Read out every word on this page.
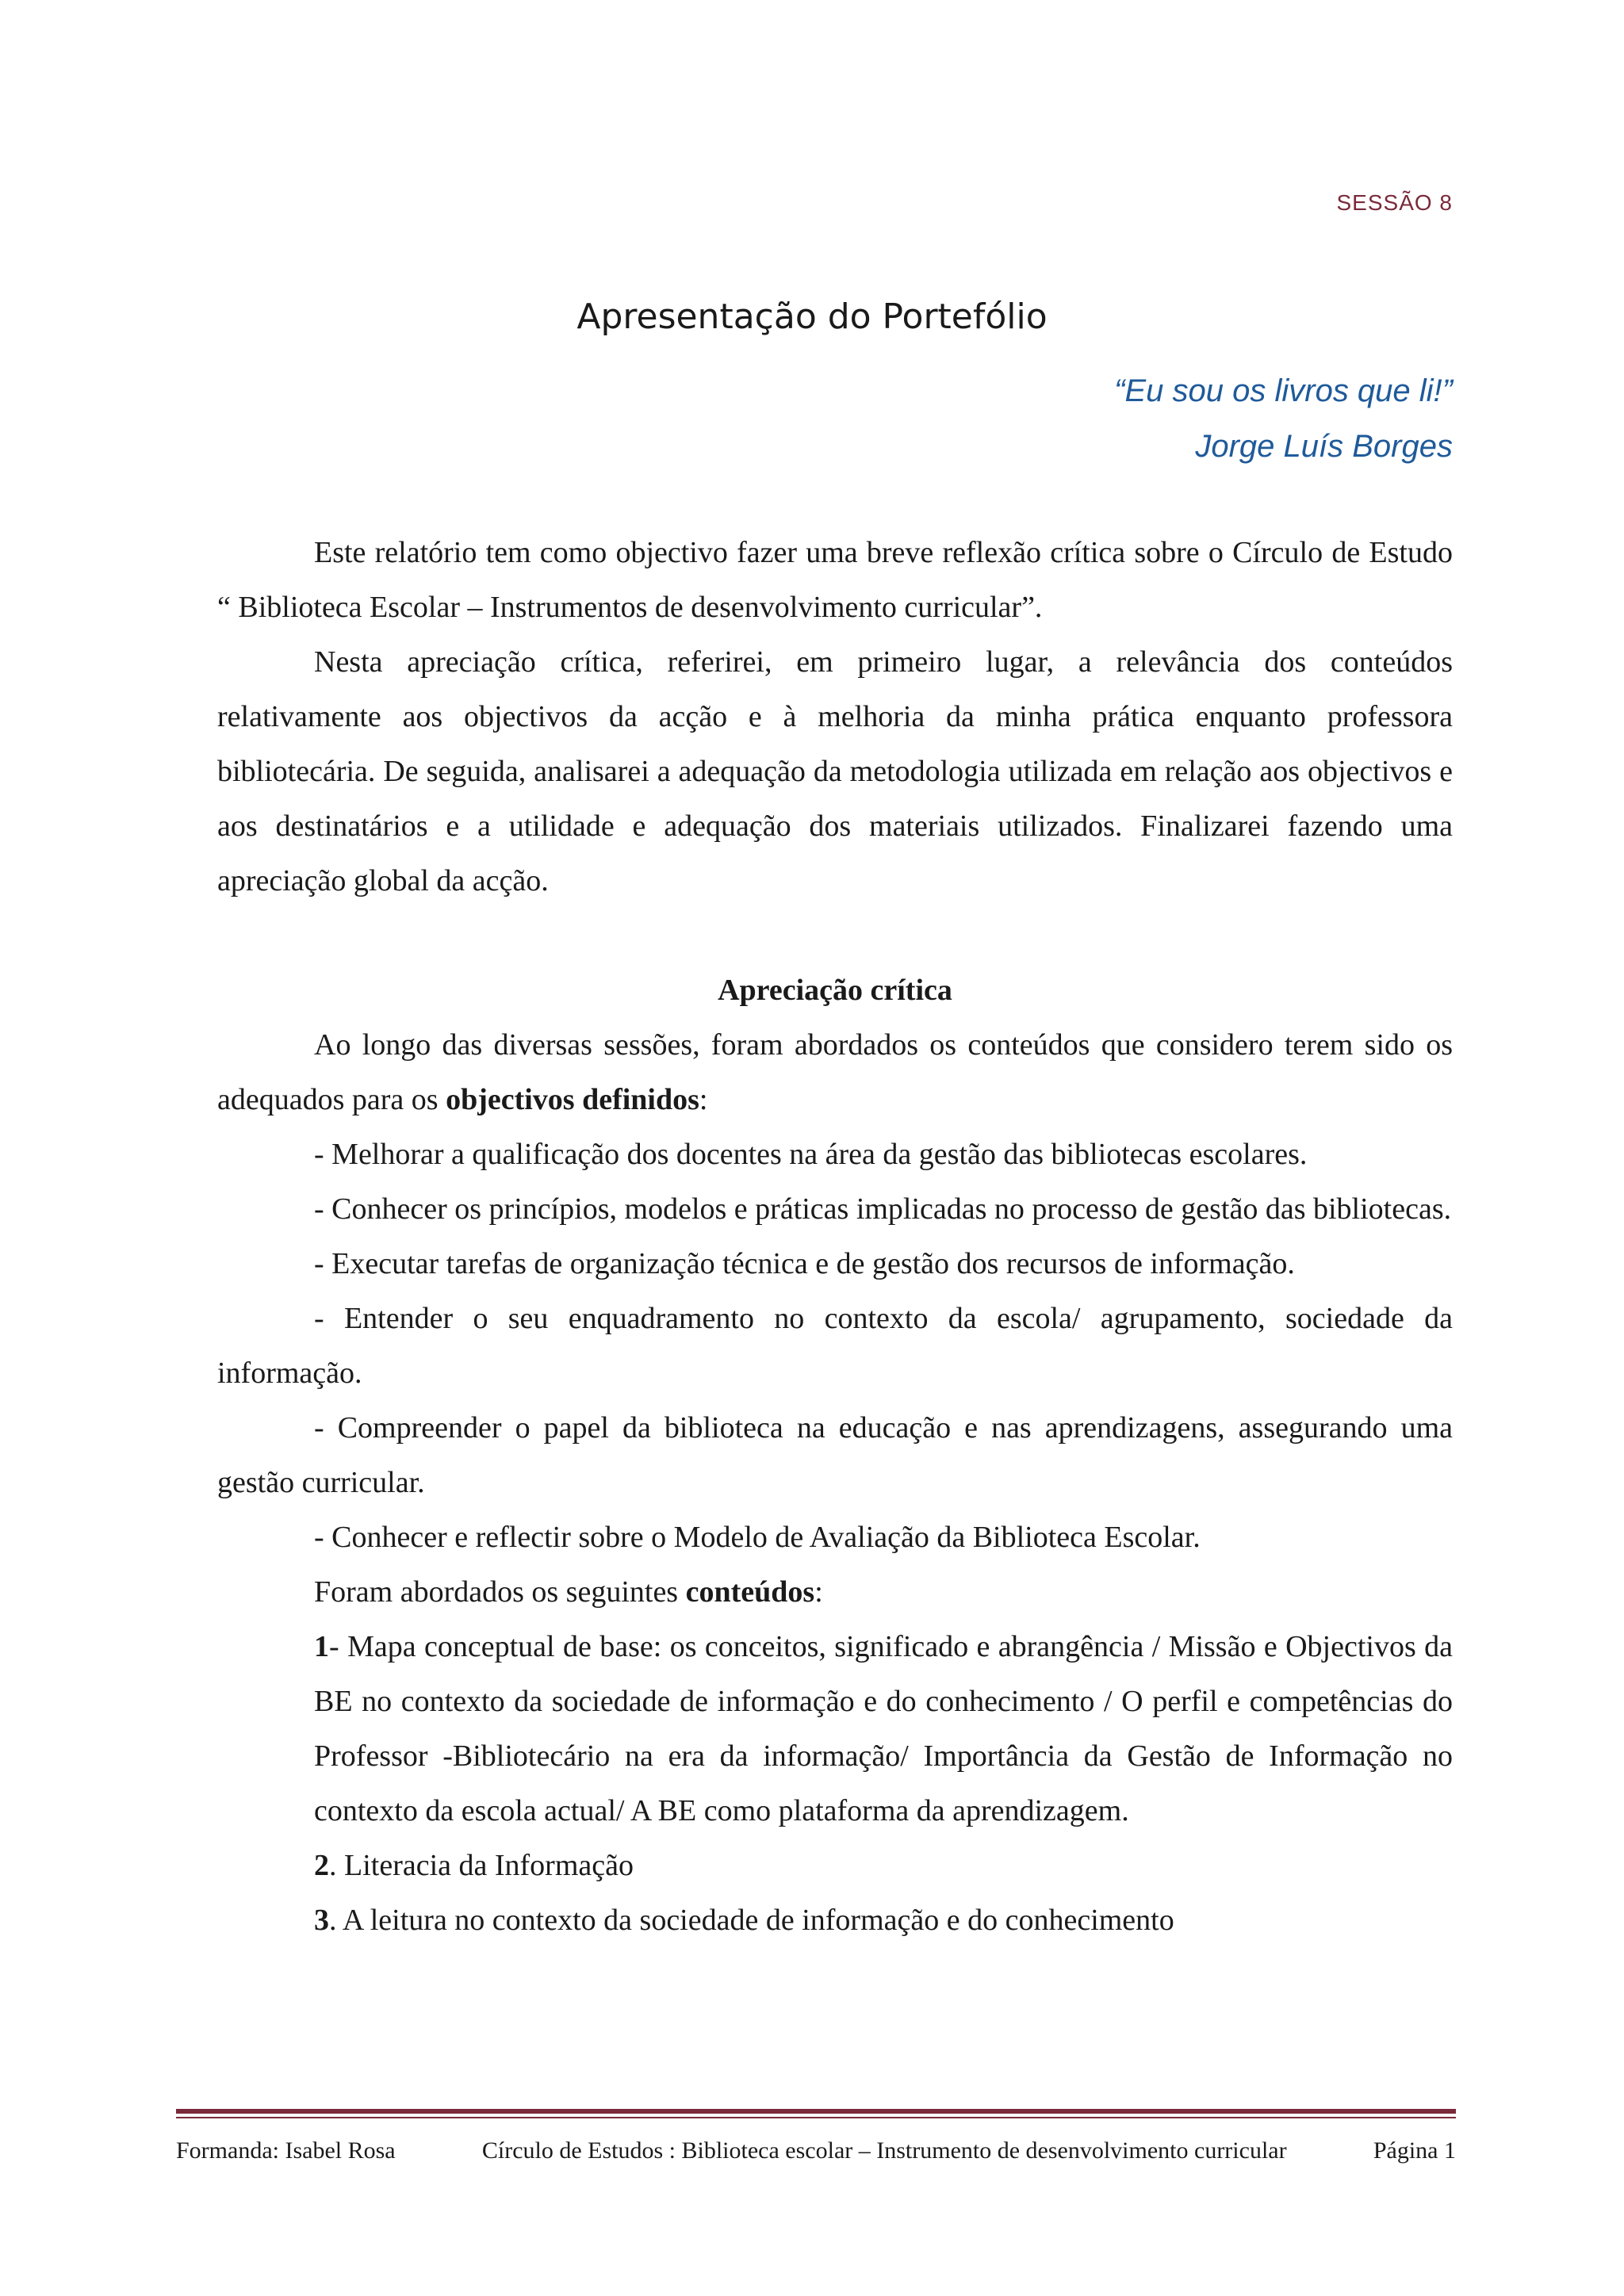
SESSÃO 8
Apresentação do Portefólio
“Eu sou os livros que li!”
Jorge Luís Borges

Este relatório tem como objectivo fazer uma breve reflexão crítica sobre o Círculo de Estudo “ Biblioteca Escolar – Instrumentos de desenvolvimento curricular”.

Nesta apreciação crítica, referirei, em primeiro lugar, a relevância dos conteúdos relativamente aos objectivos da acção e à melhoria da minha prática enquanto professora bibliotecária. De seguida, analisarei a adequação da metodologia utilizada em relação aos objectivos e aos destinatários e a utilidade e adequação dos materiais utilizados. Finalizarei fazendo uma apreciação global da acção.

Apreciação crítica

Ao longo das diversas sessões, foram abordados os conteúdos que considero terem sido os adequados para os objectivos definidos:

- Melhorar a qualificação dos docentes na área da gestão das bibliotecas escolares.

- Conhecer os princípios, modelos e práticas implicadas no processo de gestão das bibliotecas.

- Executar tarefas de organização técnica e de gestão dos recursos de informação.

- Entender o seu enquadramento no contexto da escola/ agrupamento, sociedade da informação.

- Compreender o papel da biblioteca na educação e nas aprendizagens, assegurando uma gestão curricular.

- Conhecer e reflectir sobre o Modelo de Avaliação da Biblioteca Escolar.

Foram abordados os seguintes conteúdos:

1- Mapa conceptual de base: os conceitos, significado e abrangência / Missão e Objectivos da BE no contexto da sociedade de informação e do conhecimento / O perfil e competências do Professor -Bibliotecário na era da informação/ Importância da Gestão de Informação no contexto da escola actual/ A BE como plataforma da aprendizagem.

2. Literacia da Informação

3. A leitura no contexto da sociedade de informação e do conhecimento

Formanda: Isabel Rosa	Círculo de Estudos : Biblioteca escolar – Instrumento de desenvolvimento curricular	Página 1
